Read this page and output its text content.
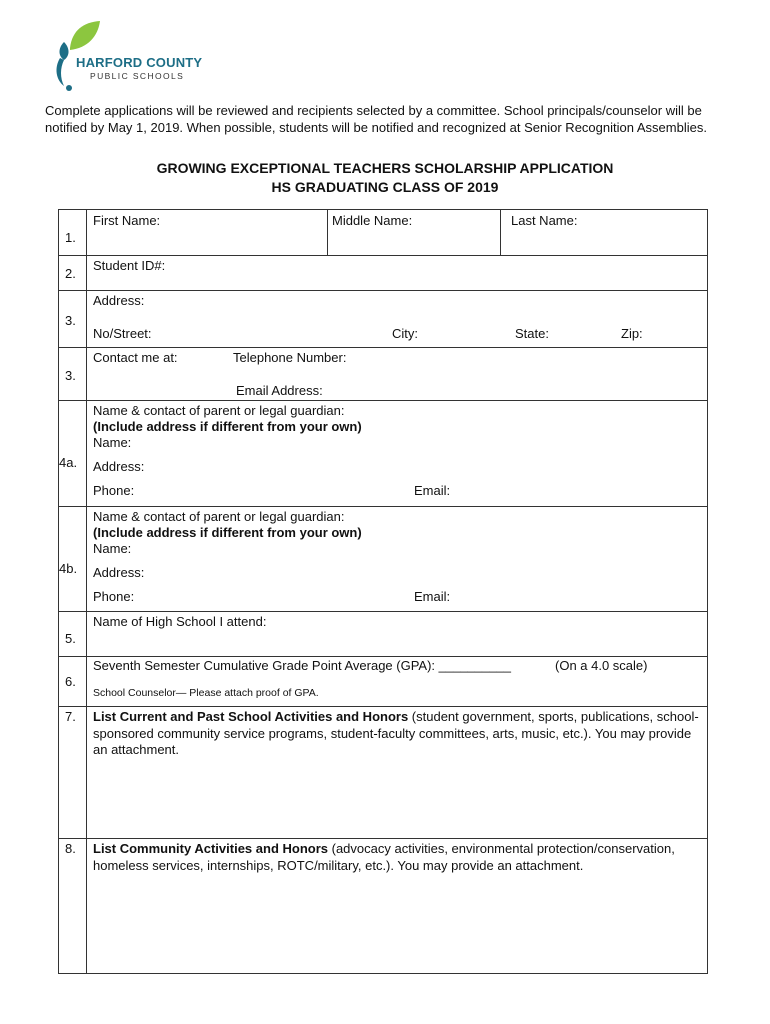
HARFORD COUNTY
PUBLIC SCHOOLS
Complete applications will be reviewed and recipients selected by a committee. School principals/counselor will be notified by May 1, 2019. When possible, students will be notified and recognized at Senior Recognition Assemblies.
GROWING EXCEPTIONAL TEACHERS SCHOLARSHIP APPLICATION
HS GRADUATING CLASS OF 2019
1.
First Name:	Middle Name:	Last Name:
2.
Student ID#:
3.
Address:
No/Street:	City:	State:	Zip:
3.
Contact me at:	Telephone Number:
Email Address:
4a.
Name & contact of parent or legal guardian:
(Include address if different from your own)
Name:
Address:
Phone:	Email:
4b.
Name & contact of parent or legal guardian:
(Include address if different from your own)
Name:
Address:
Phone:	Email:
5.
Name of High School I attend:
6.
Seventh Semester Cumulative Grade Point Average (GPA): __________	(On a 4.0 scale)
School Counselor— Please attach proof of GPA.
7. List Current and Past School Activities and Honors (student government, sports, publications, school-sponsored community service programs, student-faculty committees, arts, music, etc.). You may provide an attachment.
8. List Community Activities and Honors (advocacy activities, environmental protection/conservation, homeless services, internships, ROTC/military, etc.). You may provide an attachment.
